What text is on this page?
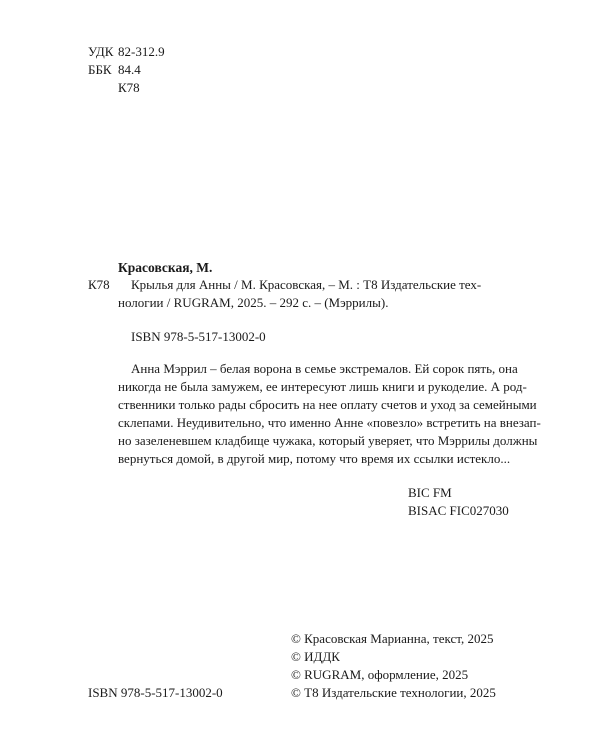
УДК 82-312.9
ББК 84.4
К78
Красовская, М.
К78 Крылья для Анны / М. Красовская, – М. : Т8 Издательские тех-
нологии / RUGRAM, 2025. – 292 с. – (Мэррилы).
ISBN 978-5-517-13002-0
Анна Мэррил – белая ворона в семье экстремалов. Ей сорок пять, она
никогда не была замужем, ее интересуют лишь книги и рукоделие. А род-
ственники только рады сбросить на нее оплату счетов и уход за семейными
склепами. Неудивительно, что именно Анне «повезло» встретить на внезап-
но зазеленевшем кладбище чужака, который уверяет, что Мэррилы должны
вернуться домой, в другой мир, потому что время их ссылки истекло...
BIC FM
BISAC FIC027030
ISBN 978-5-517-13002-0
© Красовская Марианна, текст, 2025
© ИДДК
© RUGRAM, оформление, 2025
© Т8 Издательские технологии, 2025
